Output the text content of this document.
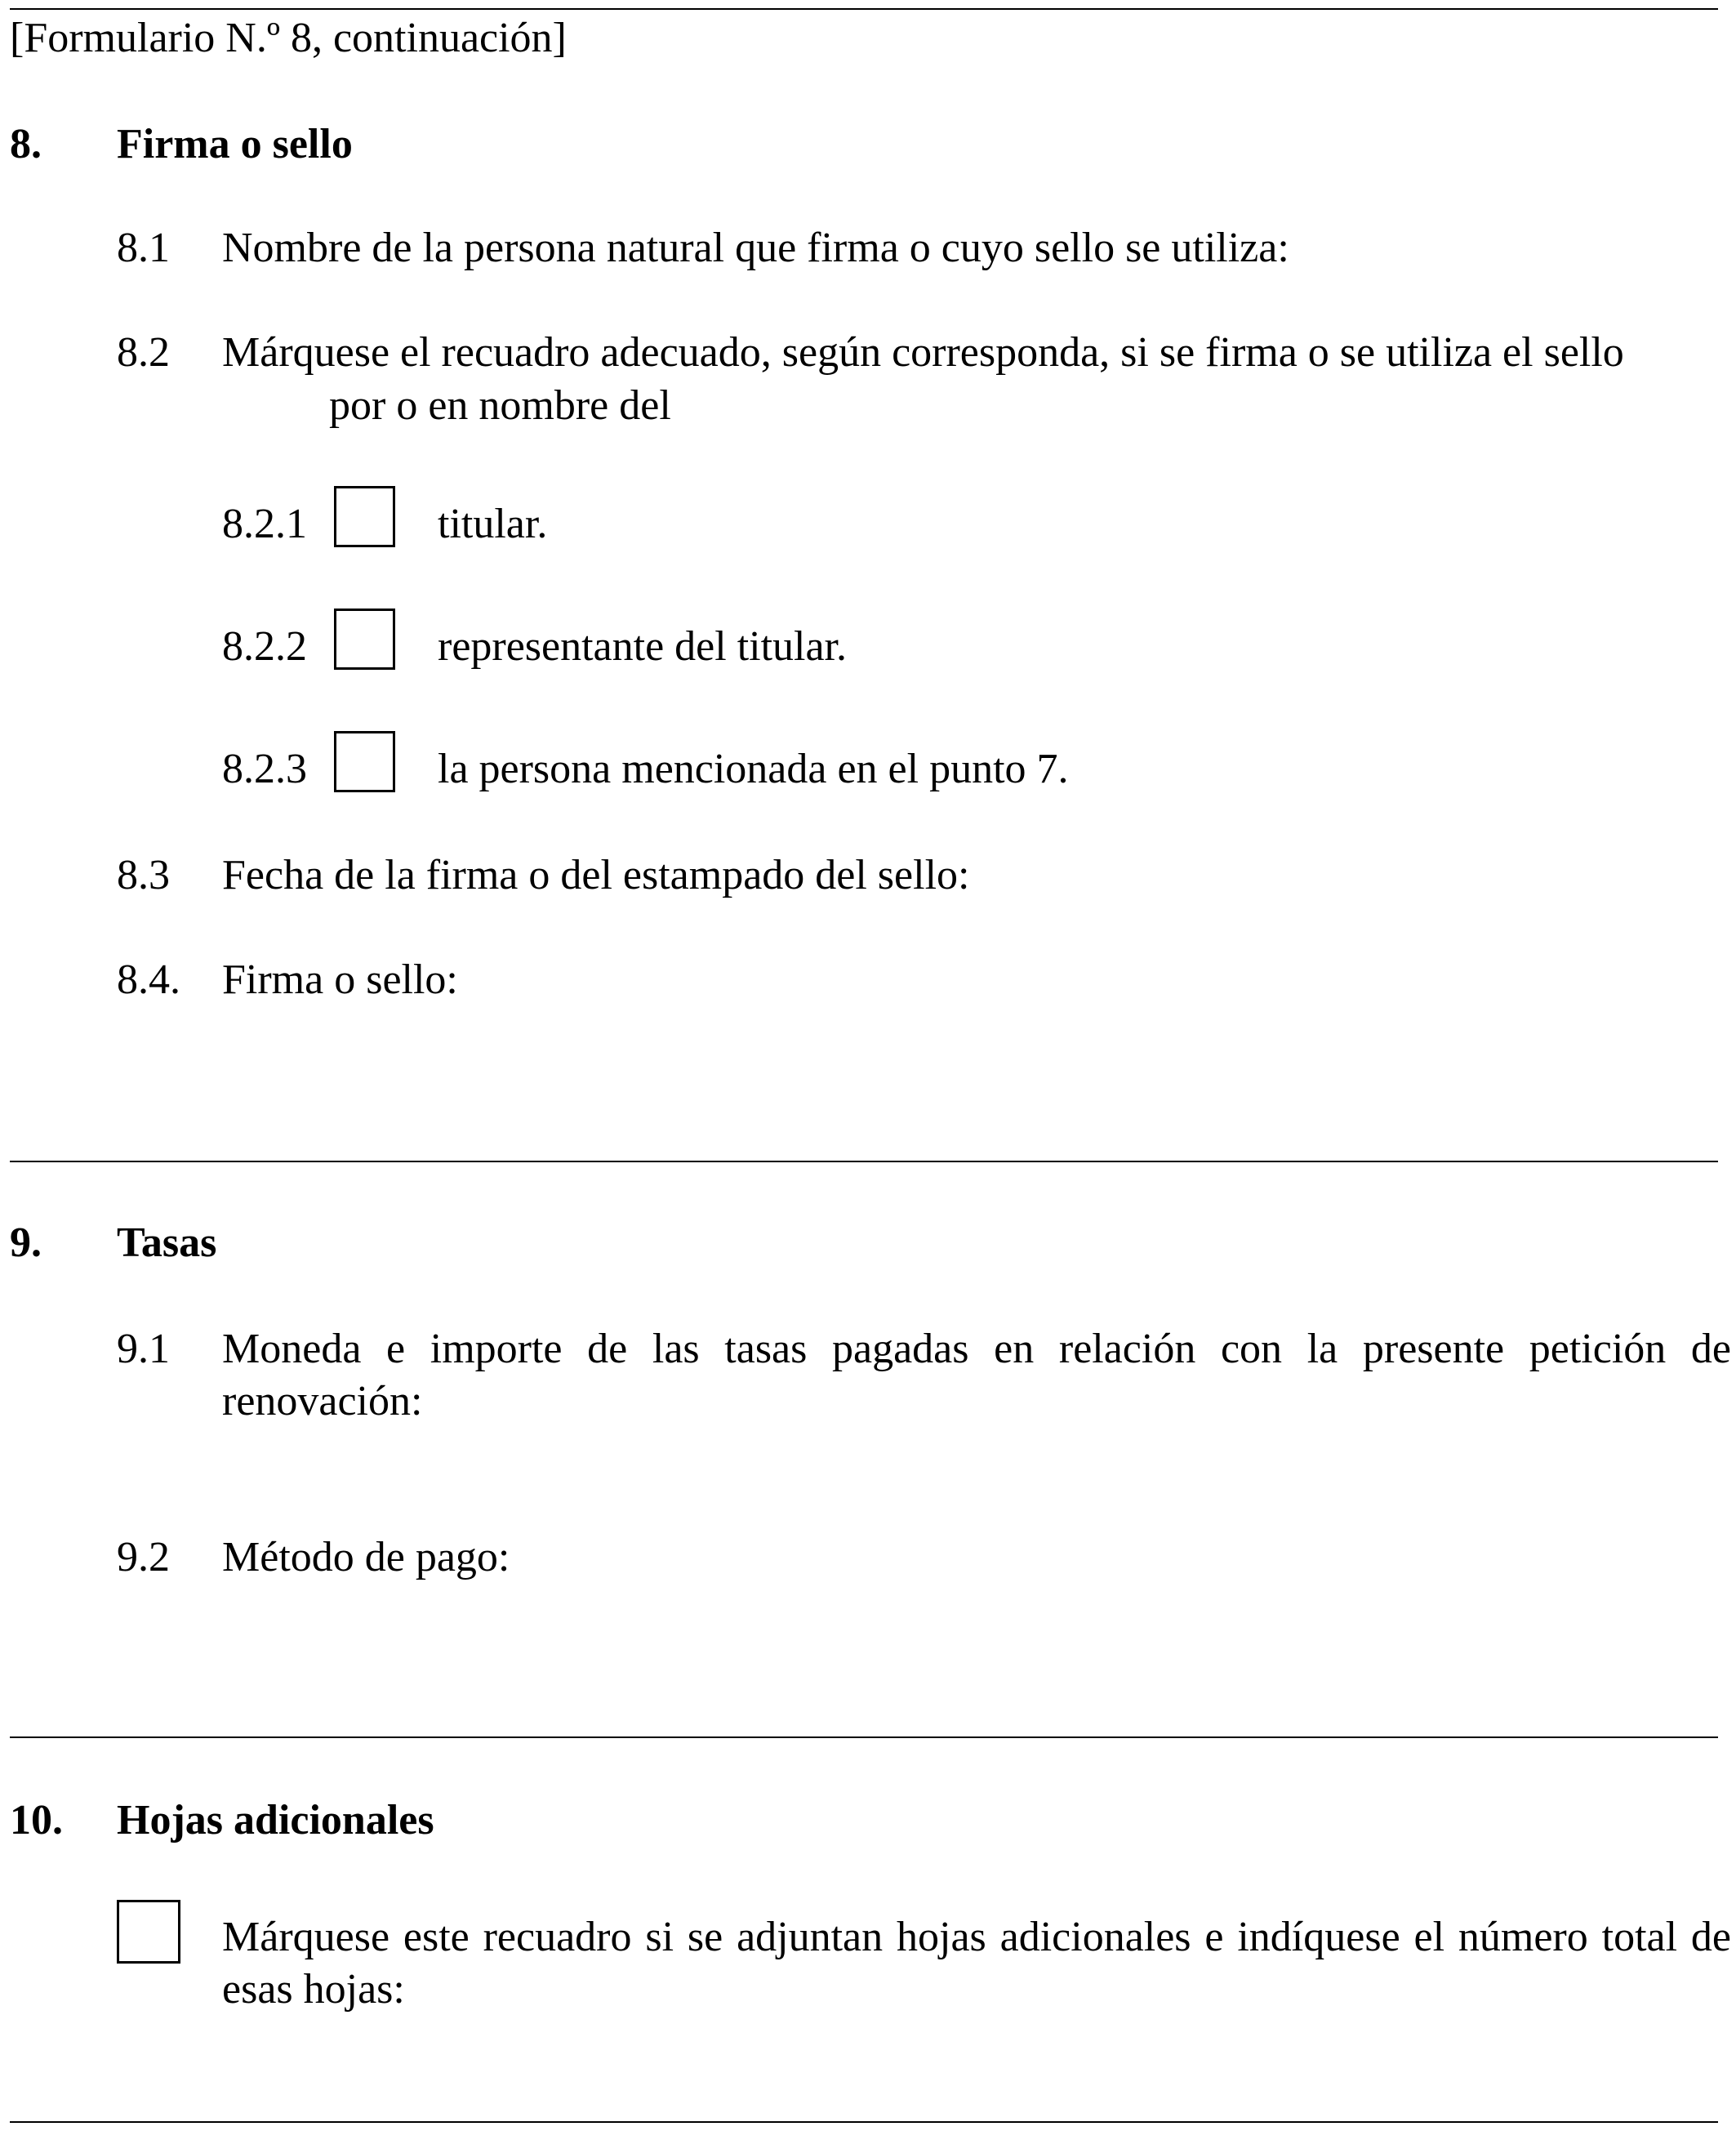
[Formulario N.º 8, continuación]
8. Firma o sello
8.1 Nombre de la persona natural que firma o cuyo sello se utiliza:
8.2 Márquese el recuadro adecuado, según corresponda, si se firma o se utiliza el sello
por o en nombre del
8.2.1	titular.
8.2.2	representante del titular.
8.2.3	la persona mencionada en el punto 7.
8.3 Fecha de la firma o del estampado del sello:
8.4. Firma o sello:
9. Tasas
9.1 Moneda e importe de las tasas pagadas en relación con la presente petición de renovación:
9.2 Método de pago:
10. Hojas adicionales
Márquese este recuadro si se adjuntan hojas adicionales e indíquese el número total de esas hojas:
